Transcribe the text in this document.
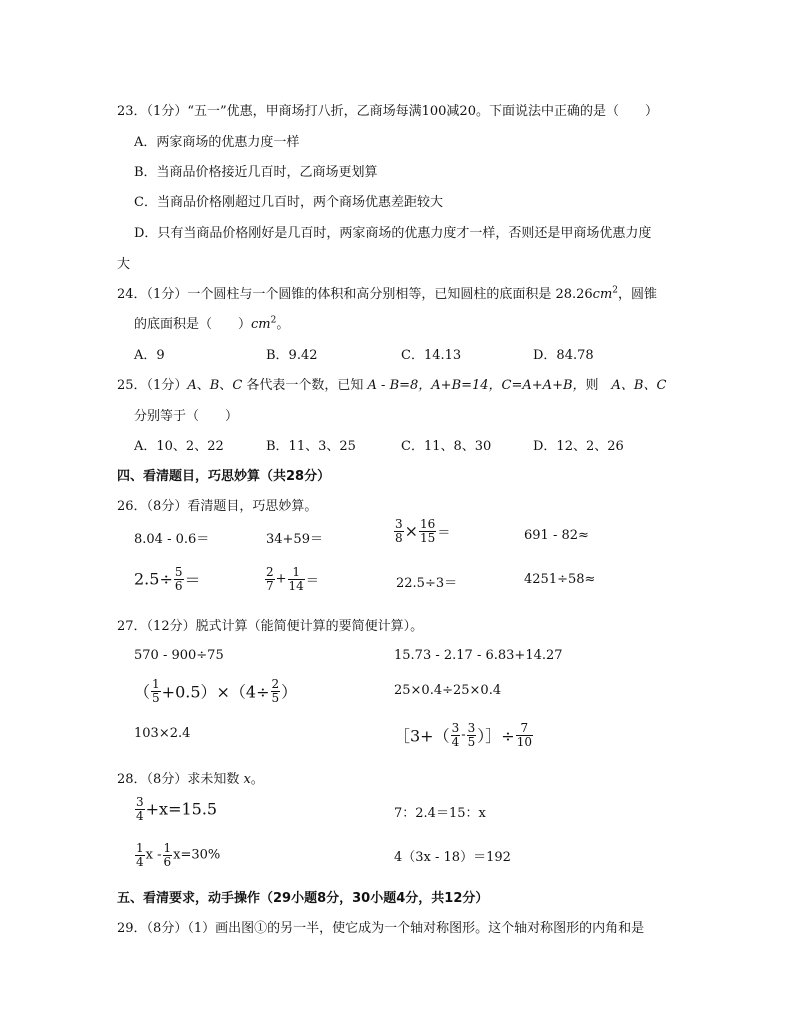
23．（1分）“五一”优惠，甲商场打八折，乙商场每满100减20。下面说法中正确的是（　　）
A．两家商场的优惠力度一样
B．当商品价格接近几百时，乙商场更划算
C．当商品价格刚超过几百时，两个商场优惠差距较大
D．只有当商品价格刚好是几百时，两家商场的优惠力度才一样，否则还是甲商场优惠力度
大
24．（1分）一个圆柱与一个圆锥的体积和高分别相等，已知圆柱的底面积是 $28.26cm^2$，圆锥
的底面积是（　　）$cm^2$。
A．9	B．9.42	C．14.13	D．84.78
25．（1分）A、B、C 各代表一个数，已知 A - B=8，A+B=14，C=A+A+B，则　A、B、C
分别等于（　　）
A．10、2、22	B．11、3、25	C．11、8、30	D．12、2、26
四、看清题目，巧思妙算（共28分）
26．（8分）看清题目，巧思妙算。
8.04 - 0.6＝	34+59＝	$\frac{3}{8} \times \frac{16}{15}$ ＝	691 - 82≈
$2.5\div \frac{5}{6}$ ＝	$\frac{2}{7} + \frac{1}{14}$ ＝	22.5÷3＝	4251÷58≈
27．（12分）脱式计算（能简便计算的要简便计算）。
570 - 900÷75	15.73 - 2.17 - 6.83+14.27
（ $\frac{1}{5} +0.5)\times(4\div \frac{2}{5}$ ）	25×0.4÷25×0.4
103×2.4	［3+（ $\frac{3}{4} - \frac{3}{5}$ ）］÷ $\frac{7}{10}$
28．（8分）求未知数 x。
$\frac{3}{4} +x=15.5$	7：2.4＝15：x
$\frac{1}{4}$ $x - \frac{1}{6} x=30\%$	4（3x - 18）＝192
五、看清要求，动手操作（29小题8分，30小题4分，共12分）
29．（8分）（1）画出图①的另一半，使它成为一个轴对称图形。这个轴对称图形的内角和是
